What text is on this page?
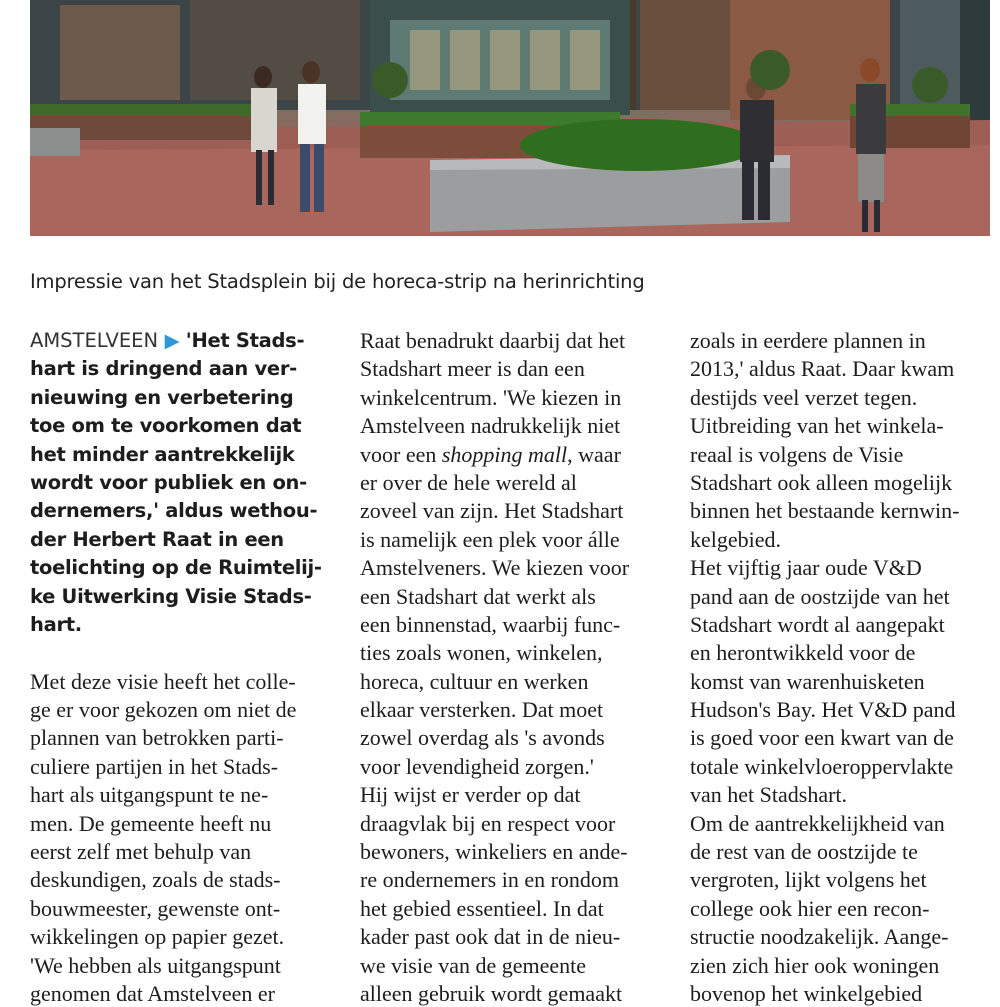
Impressie van het Stadsplein bij de horeca-strip na herinrichting
AMSTELVEEN ▶ 'Het Stads-
hart is dringend aan ver-
nieuwing en verbetering
toe om te voorkomen dat
het minder aantrekkelijk
wordt voor publiek en on-
dernemers,' aldus wethou-
der Herbert Raat in een
toelichting op de Ruimtelij-
ke Uitwerking Visie Stads-
hart.
Met deze visie heeft het colle-
ge er voor gekozen om niet de
plannen van betrokken parti-
culiere partijen in het Stads-
hart als uitgangspunt te ne-
men. De gemeente heeft nu
eerst zelf met behulp van
deskundigen, zoals de stads-
bouwmeester, gewenste ont-
wikkelingen op papier gezet.
'We hebben als uitgangspunt
genomen dat Amstelveen er
Raat benadrukt daarbij dat het
Stadshart meer is dan een
winkelcentrum. 'We kiezen in
Amstelveen nadrukkelijk niet
voor een shopping mall, waar
er over de hele wereld al
zoveel van zijn. Het Stadshart
is namelijk een plek voor álle
Amstelveners. We kiezen voor
een Stadshart dat werkt als
een binnenstad, waarbij func-
ties zoals wonen, winkelen,
horeca, cultuur en werken
elkaar versterken. Dat moet
zowel overdag als 's avonds
voor levendigheid zorgen.'
Hij wijst er verder op dat
draagvlak bij en respect voor
bewoners, winkeliers en ande-
re ondernemers in en rondom
het gebied essentieel. In dat
kader past ook dat in de nieu-
we visie van de gemeente
alleen gebruik wordt gemaakt
zoals in eerdere plannen in
2013,' aldus Raat. Daar kwam
destijds veel verzet tegen.
Uitbreiding van het winkela-
reaal is volgens de Visie
Stadshart ook alleen mogelijk
binnen het bestaande kernwin-
kelgebied.
Het vijftig jaar oude V&D
pand aan de oostzijde van het
Stadshart wordt al aangepakt
en herontwikkeld voor de
komst van warenhuisketen
Hudson's Bay. Het V&D pand
is goed voor een kwart van de
totale winkelvloeroppervlakte
van het Stadshart.
Om de aantrekkelijkheid van
de rest van de oostzijde te
vergroten, lijkt volgens het
college ook hier een recon-
structie noodzakelijk. Aange-
zien zich hier ook woningen
bovenop het winkelgebied
